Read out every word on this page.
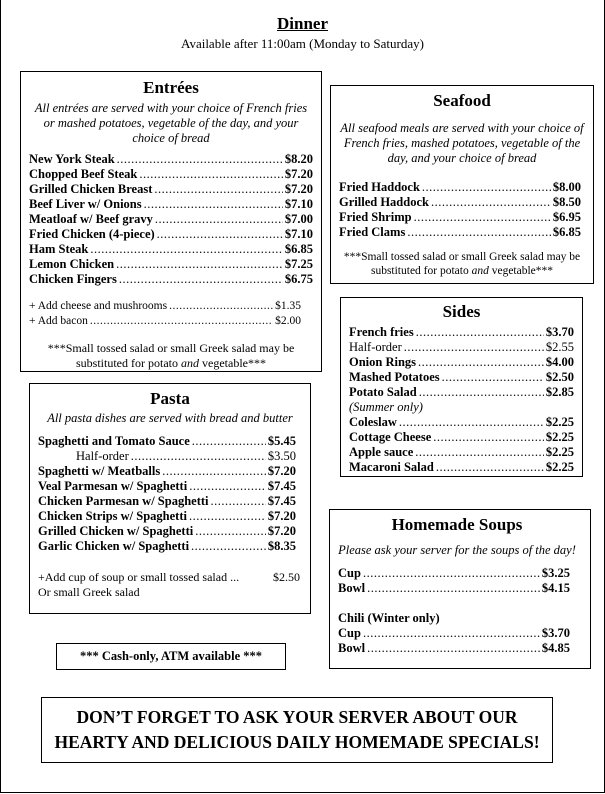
Dinner
Available after 11:00am (Monday to Saturday)
Entrées
All entrées are served with your choice of French fries or mashed potatoes, vegetable of the day, and your choice of bread
New York Steak .....	$8.20
Chopped Beef Steak .....	$7.20
Grilled Chicken Breast .....	$7.20
Beef Liver w/ Onions .....	$7.10
Meatloaf w/ Beef gravy .....	$7.00
Fried Chicken (4-piece) .....	$7.10
Ham Steak .....	$6.85
Lemon Chicken .....	$7.25
Chicken Fingers .....	$6.75
+ Add cheese and mushrooms .....	$1.35
+ Add bacon .....	$2.00
***Small tossed salad or small Greek salad may be substituted for potato and vegetable***
Seafood
All seafood meals are served with your choice of French fries, mashed potatoes, vegetable of the day, and your choice of bread
Fried Haddock .....	$8.00
Grilled Haddock .....	$8.50
Fried Shrimp .....	$6.95
Fried Clams .....	$6.85
***Small tossed salad or small Greek salad may be substituted for potato and vegetable***
Sides
French fries .....	$3.70
Half-order .....	$2.55
Onion Rings .....	$4.00
Mashed Potatoes .....	$2.50
Potato Salad .....	$2.85
(Summer only)
Coleslaw .....	$2.25
Cottage Cheese .....	$2.25
Apple sauce .....	$2.25
Macaroni Salad .....	$2.25
Pasta
All pasta dishes are served with bread and butter
Spaghetti and Tomato Sauce .....	$5.45
Half-order .....	$3.50
Spaghetti w/ Meatballs .....	$7.20
Veal Parmesan w/ Spaghetti .....	$7.45
Chicken Parmesan w/ Spaghetti .....	$7.45
Chicken Strips w/ Spaghetti .....	$7.20
Grilled Chicken w/ Spaghetti .....	$7.20
Garlic Chicken w/ Spaghetti .....	$8.35
+Add cup of soup or small tossed salad ...	$2.50
Or small Greek salad
Homemade Soups
Please ask your server for the soups of the day!
Cup .....	$3.25
Bowl .....	$4.15
Chili (Winter only)
Cup .....	$3.70
Bowl .....	$4.85
*** Cash-only, ATM available ***
DON’T FORGET TO ASK YOUR SERVER ABOUT OUR
HEARTY AND DELICIOUS DAILY HOMEMADE SPECIALS!
